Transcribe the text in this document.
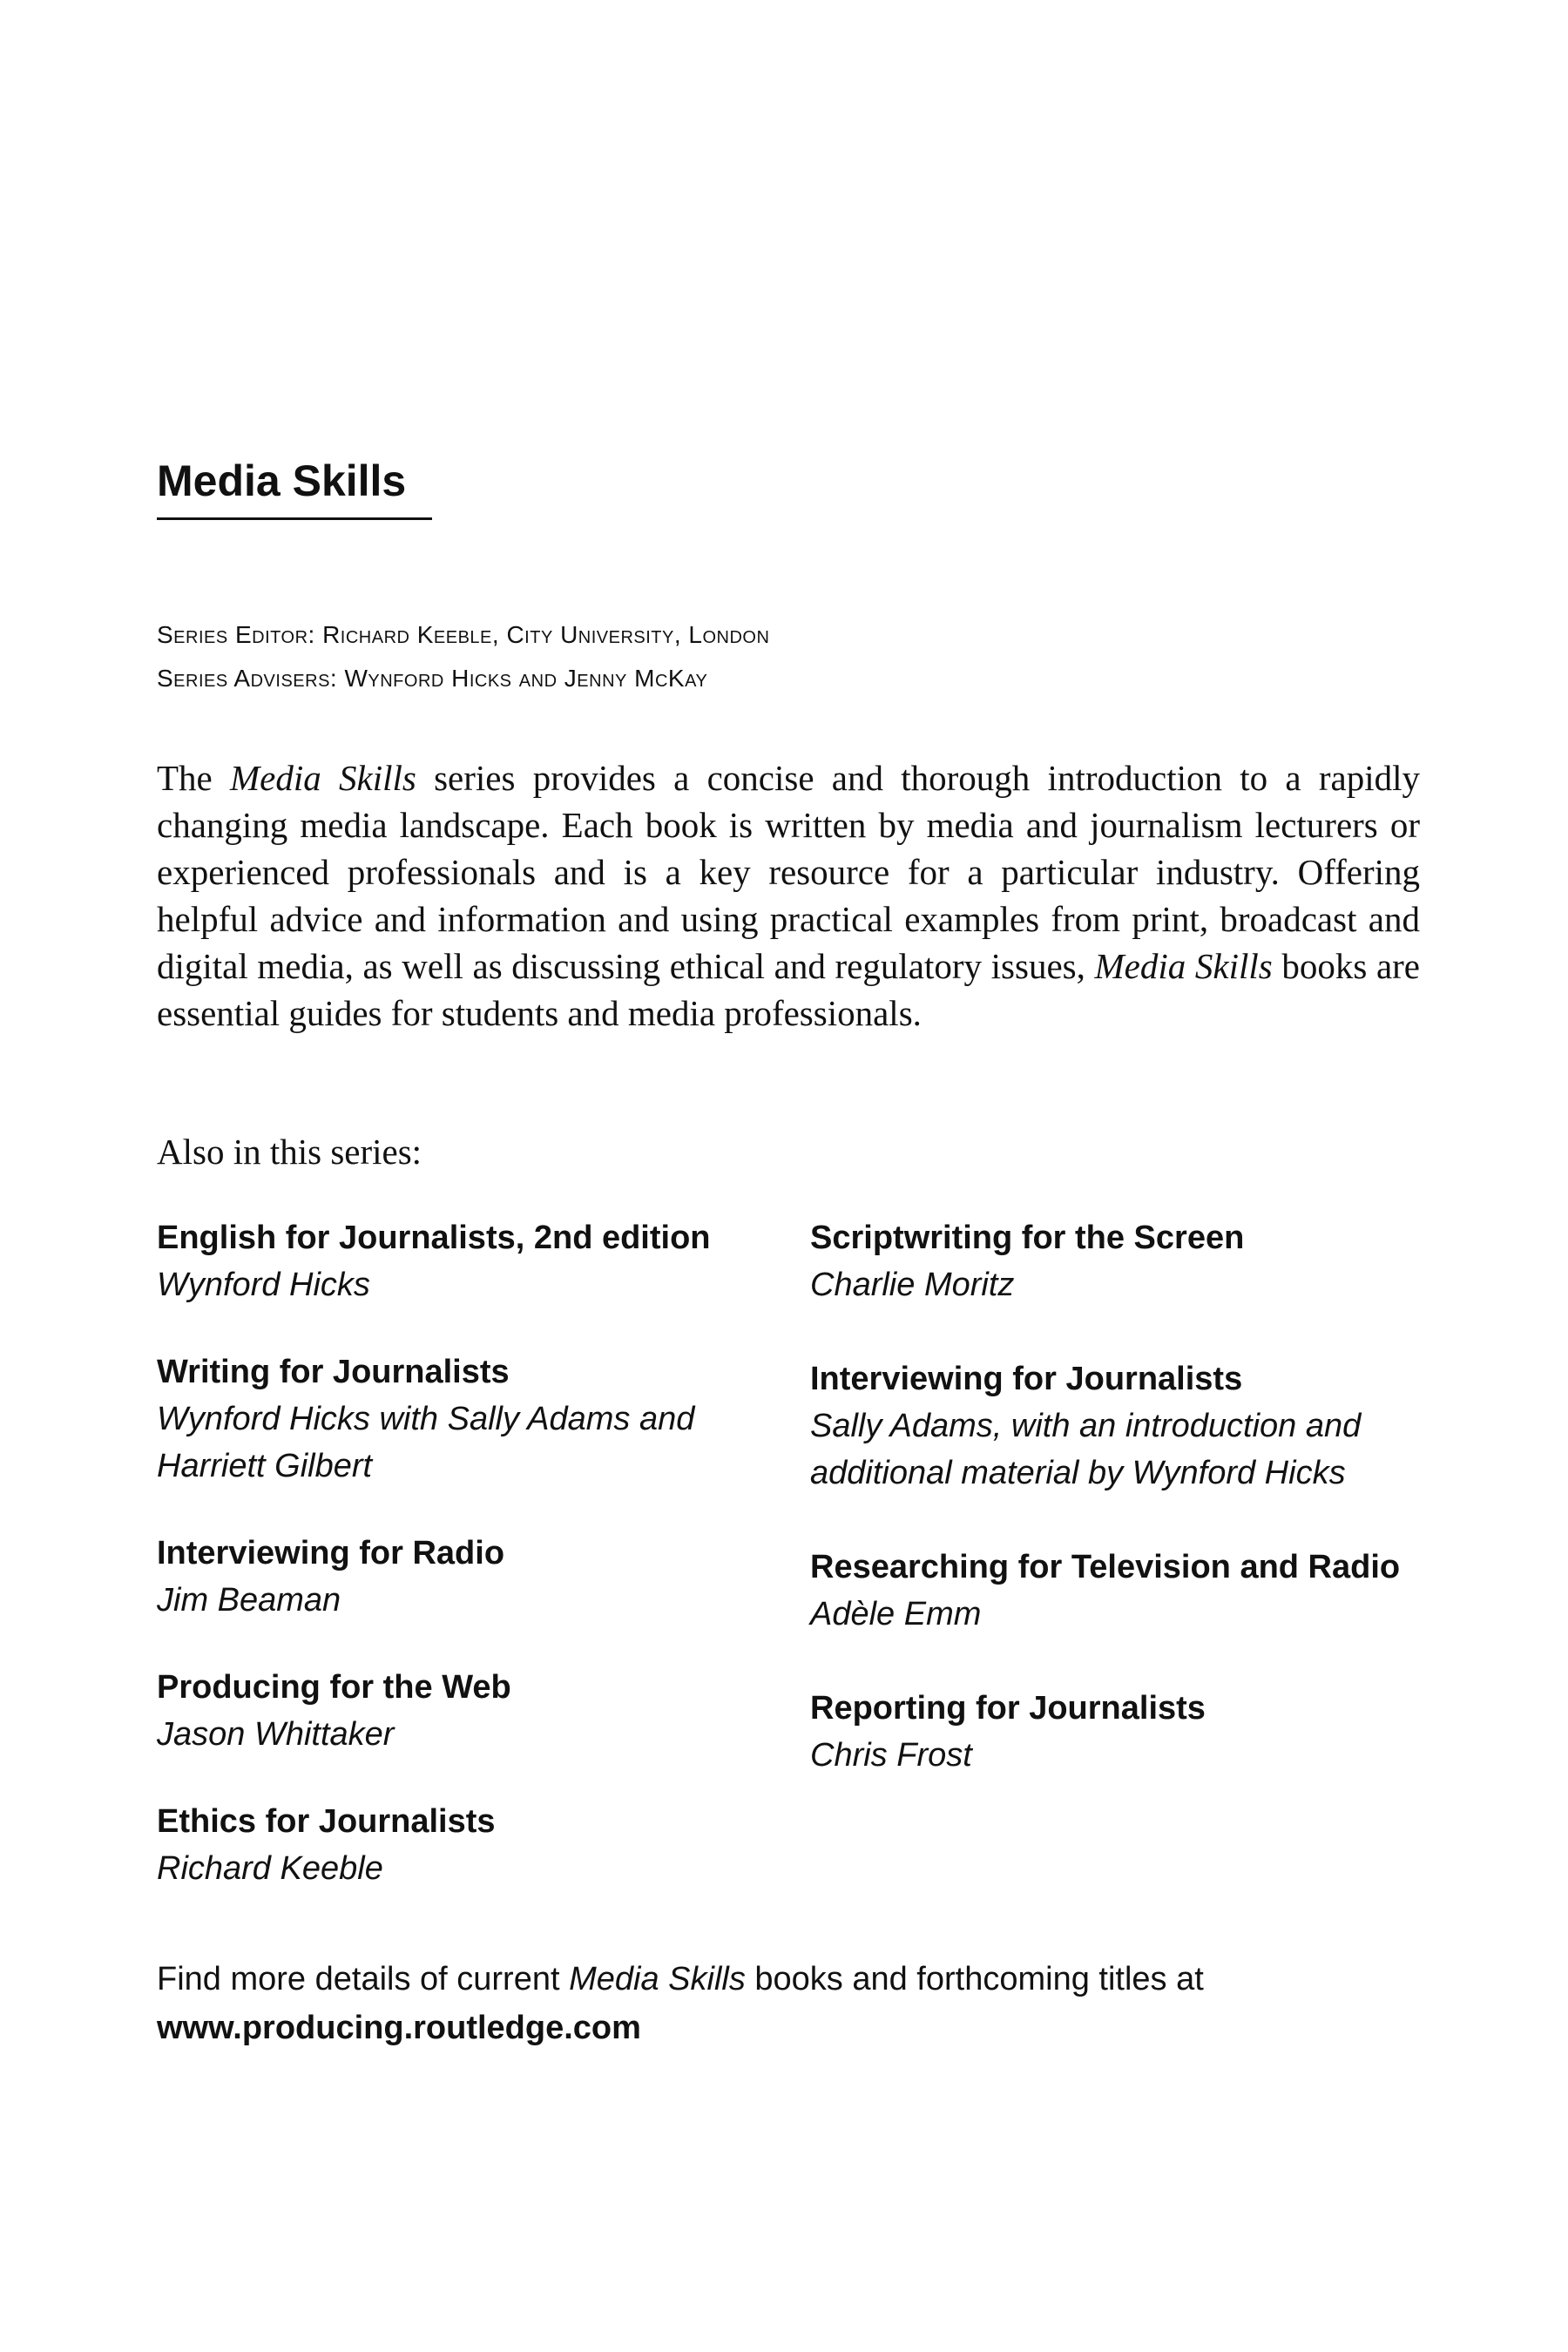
Media Skills
Series Editor: Richard Keeble, City University, London
Series Advisers: Wynford Hicks and Jenny McKay

The Media Skills series provides a concise and thorough introduction to a rapidly changing media landscape. Each book is written by media and journalism lecturers or experienced professionals and is a key resource for a particular industry. Offering helpful advice and information and using practical examples from print, broadcast and digital media, as well as discussing ethical and regulatory issues, Media Skills books are essential guides for students and media professionals.

Also in this series:
English for Journalists, 2nd edition
Wynford Hicks
Writing for Journalists
Wynford Hicks with Sally Adams and Harriett Gilbert
Interviewing for Radio
Jim Beaman
Producing for the Web
Jason Whittaker
Ethics for Journalists
Richard Keeble
Scriptwriting for the Screen
Charlie Moritz
Interviewing for Journalists
Sally Adams, with an introduction and additional material by Wynford Hicks
Researching for Television and Radio
Adèle Emm
Reporting for Journalists
Chris Frost
Find more details of current Media Skills books and forthcoming titles at
www.producing.routledge.com
